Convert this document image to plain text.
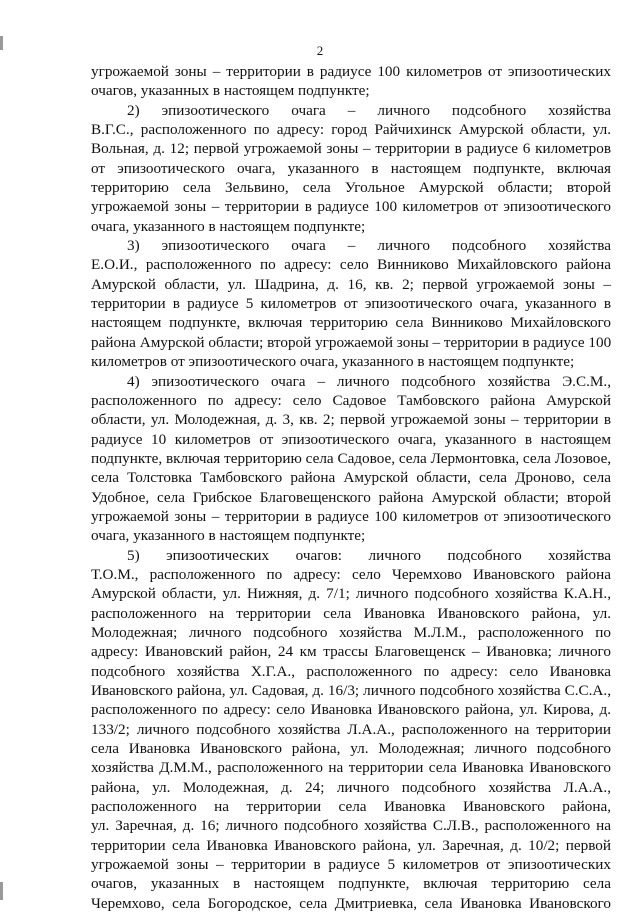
2
угрожаемой зоны – территории в радиусе 100 километров от эпизоотических
очагов, указанных в настоящем подпункте;
2) эпизоотического очага – личного подсобного хозяйства
В.Г.С., расположенного по адресу: город Райчихинск Амурской области, ул.
Вольная, д. 12; первой угрожаемой зоны – территории в радиусе 6 километров
от эпизоотического очага, указанного в настоящем подпункте, включая
территорию села Зельвино, села Угольное Амурской области; второй
угрожаемой зоны – территории в радиусе 100 километров от эпизоотического
очага, указанного в настоящем подпункте;
3) эпизоотического очага – личного подсобного хозяйства
Е.О.И., расположенного по адресу: село Винниково Михайловского района
Амурской области, ул. Шадрина, д. 16, кв. 2; первой угрожаемой зоны –
территории в радиусе 5 километров от эпизоотического очага, указанного в
настоящем подпункте, включая территорию села Винниково Михайловского
района Амурской области; второй угрожаемой зоны – территории в радиусе 100
километров от эпизоотического очага, указанного в настоящем подпункте;
4) эпизоотического очага – личного подсобного хозяйства Э.С.М.,
расположенного по адресу: село Садовое Тамбовского района Амурской
области, ул. Молодежная, д. 3, кв. 2; первой угрожаемой зоны – территории в
радиусе 10 километров от эпизоотического очага, указанного в настоящем
подпункте, включая территорию села Садовое, села Лермонтовка, села Лозовое,
села Толстовка Тамбовского района Амурской области, села Дроново, села
Удобное, села Грибское Благовещенского района Амурской области; второй
угрожаемой зоны – территории в радиусе 100 километров от эпизоотического
очага, указанного в настоящем подпункте;
5) эпизоотических очагов: личного подсобного хозяйства
Т.О.М., расположенного по адресу: село Черемхово Ивановского района
Амурской области, ул. Нижняя, д. 7/1; личного подсобного хозяйства К.А.Н.,
расположенного на территории села Ивановка Ивановского района, ул.
Молодежная; личного подсобного хозяйства М.Л.М., расположенного по
адресу: Ивановский район, 24 км трассы Благовещенск – Ивановка; личного
подсобного хозяйства Х.Г.А., расположенного по адресу: село Ивановка
Ивановского района, ул. Садовая, д. 16/3; личного подсобного хозяйства С.С.А.,
расположенного по адресу: село Ивановка Ивановского района, ул. Кирова, д.
133/2; личного подсобного хозяйства Л.А.А., расположенного на территории
села Ивановка Ивановского района, ул. Молодежная; личного подсобного
хозяйства Д.М.М., расположенного на территории села Ивановка Ивановского
района, ул. Молодежная, д. 24; личного подсобного хозяйства Л.А.А.,
расположенного на территории села Ивановка Ивановского района,
ул. Заречная, д. 16; личного подсобного хозяйства С.Л.В., расположенного на
территории села Ивановка Ивановского района, ул. Заречная, д. 10/2; первой
угрожаемой зоны – территории в радиусе 5 километров от эпизоотических
очагов, указанных в настоящем подпункте, включая территорию села
Черемхово, села Богородское, села Дмитриевка, села Ивановка Ивановского
